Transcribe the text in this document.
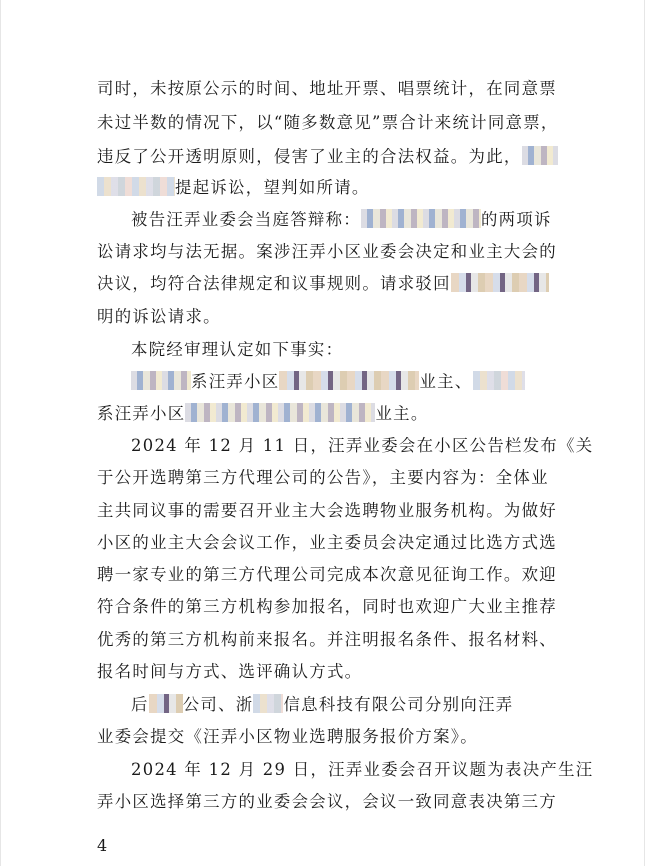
司时，未按原公示的时间、地址开票、唱票统计，在同意票
未过半数的情况下，以“随多数意见”票合计来统计同意票，
违反了公开透明原则，侵害了业主的合法权益。为此，
提起诉讼，望判如所请。
被告汪弄业委会当庭答辩称：	的两项诉
讼请求均与法无据。案涉汪弄小区业委会决定和业主大会的
决议，均符合法律规定和议事规则。请求驳回
明的诉讼请求。
本院经审理认定如下事实：
系汪弄小区	业主、
系汪弄小区	业主。
2024 年 12 月 11 日，汪弄业委会在小区公告栏发布《关
于公开选聘第三方代理公司的公告》，主要内容为：全体业
主共同议事的需要召开业主大会选聘物业服务机构。为做好
小区的业主大会会议工作，业主委员会决定通过比选方式选
聘一家专业的第三方代理公司完成本次意见征询工作。欢迎
符合条件的第三方机构参加报名，同时也欢迎广大业主推荐
优秀的第三方机构前来报名。并注明报名条件、报名材料、
报名时间与方式、选评确认方式。
后 公司、浙 信息科技有限公司分别向汪弄
业委会提交《汪弄小区物业选聘服务报价方案》。
2024 年 12 月 29 日，汪弄业委会召开议题为表决产生汪
弄小区选择第三方的业委会会议，会议一致同意表决第三方
4
